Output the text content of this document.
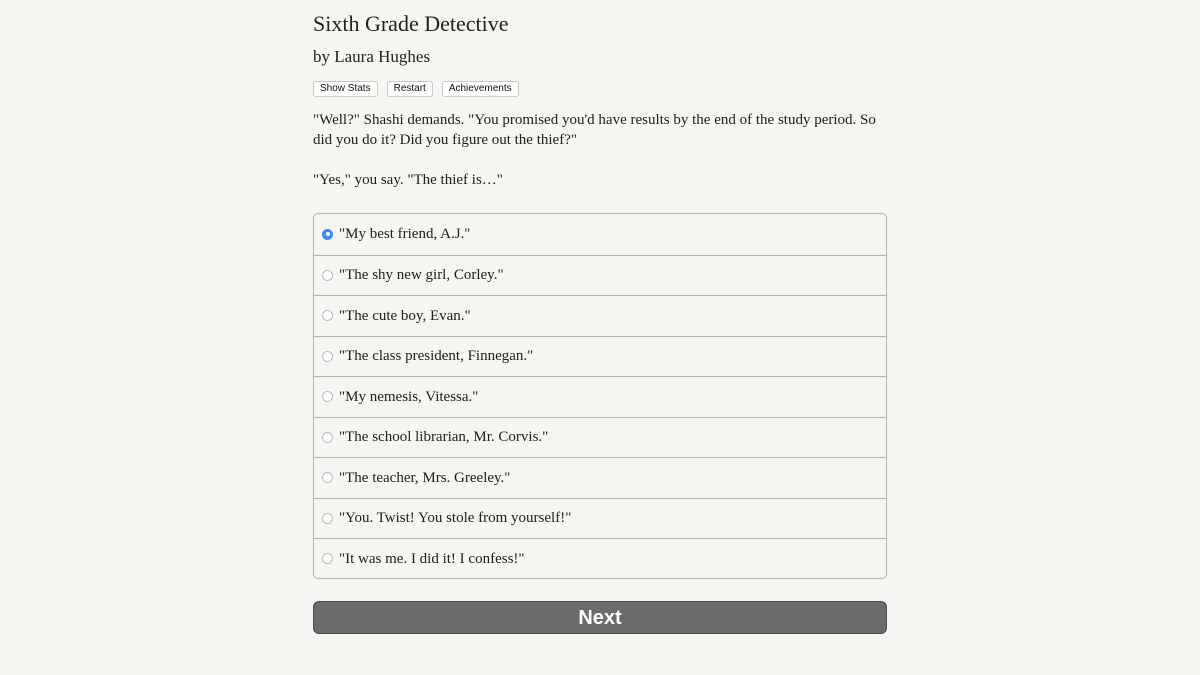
Sixth Grade Detective
by Laura Hughes
Show Stats	Restart	Achievements

"Well?" Shashi demands. "You promised you'd have results by the end of the study period. So did you do it? Did you figure out the thief?"

"Yes," you say. "The thief is…"

"My best friend, A.J."
"The shy new girl, Corley."
"The cute boy, Evan."
"The class president, Finnegan."
"My nemesis, Vitessa."
"The school librarian, Mr. Corvis."
"The teacher, Mrs. Greeley."
"You. Twist! You stole from yourself!"
"It was me. I did it! I confess!"
Next
